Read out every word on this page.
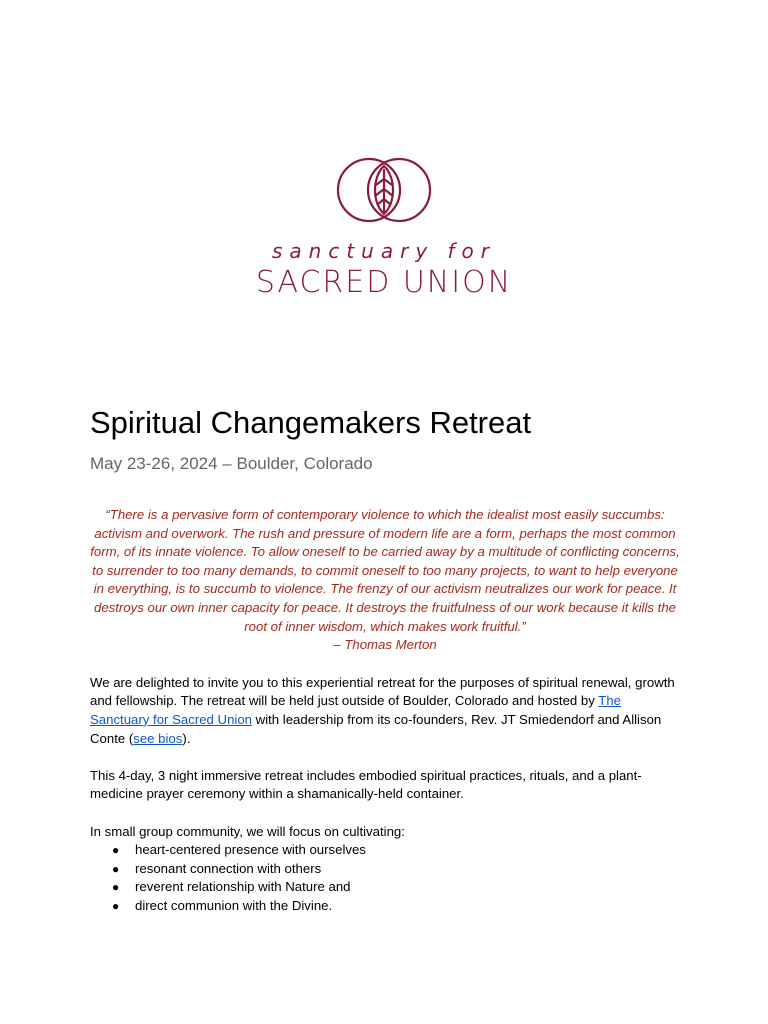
sanctuary for
SACRED UNION
Spiritual Changemakers Retreat
May 23-26, 2024 – Boulder, Colorado
“There is a pervasive form of contemporary violence to which the idealist most easily succumbs: activism and overwork. The rush and pressure of modern life are a form, perhaps the most common form, of its innate violence. To allow oneself to be carried away by a multitude of conflicting concerns, to surrender to too many demands, to commit oneself to too many projects, to want to help everyone in everything, is to succumb to violence. The frenzy of our activism neutralizes our work for peace. It destroys our own inner capacity for peace. It destroys the fruitfulness of our work because it kills the root of inner wisdom, which makes work fruitful.”
– Thomas Merton

We are delighted to invite you to this experiential retreat for the purposes of spiritual renewal, growth and fellowship. The retreat will be held just outside of Boulder, Colorado and hosted by The Sanctuary for Sacred Union with leadership from its co-founders, Rev. JT Smiedendorf and Allison Conte (see bios).

This 4-day, 3 night immersive retreat includes embodied spiritual practices, rituals, and a plant-medicine prayer ceremony within a shamanically-held container.

In small group community, we will focus on cultivating:

● heart-centered presence with ourselves
● resonant connection with others
● reverent relationship with Nature and
● direct communion with the Divine.
